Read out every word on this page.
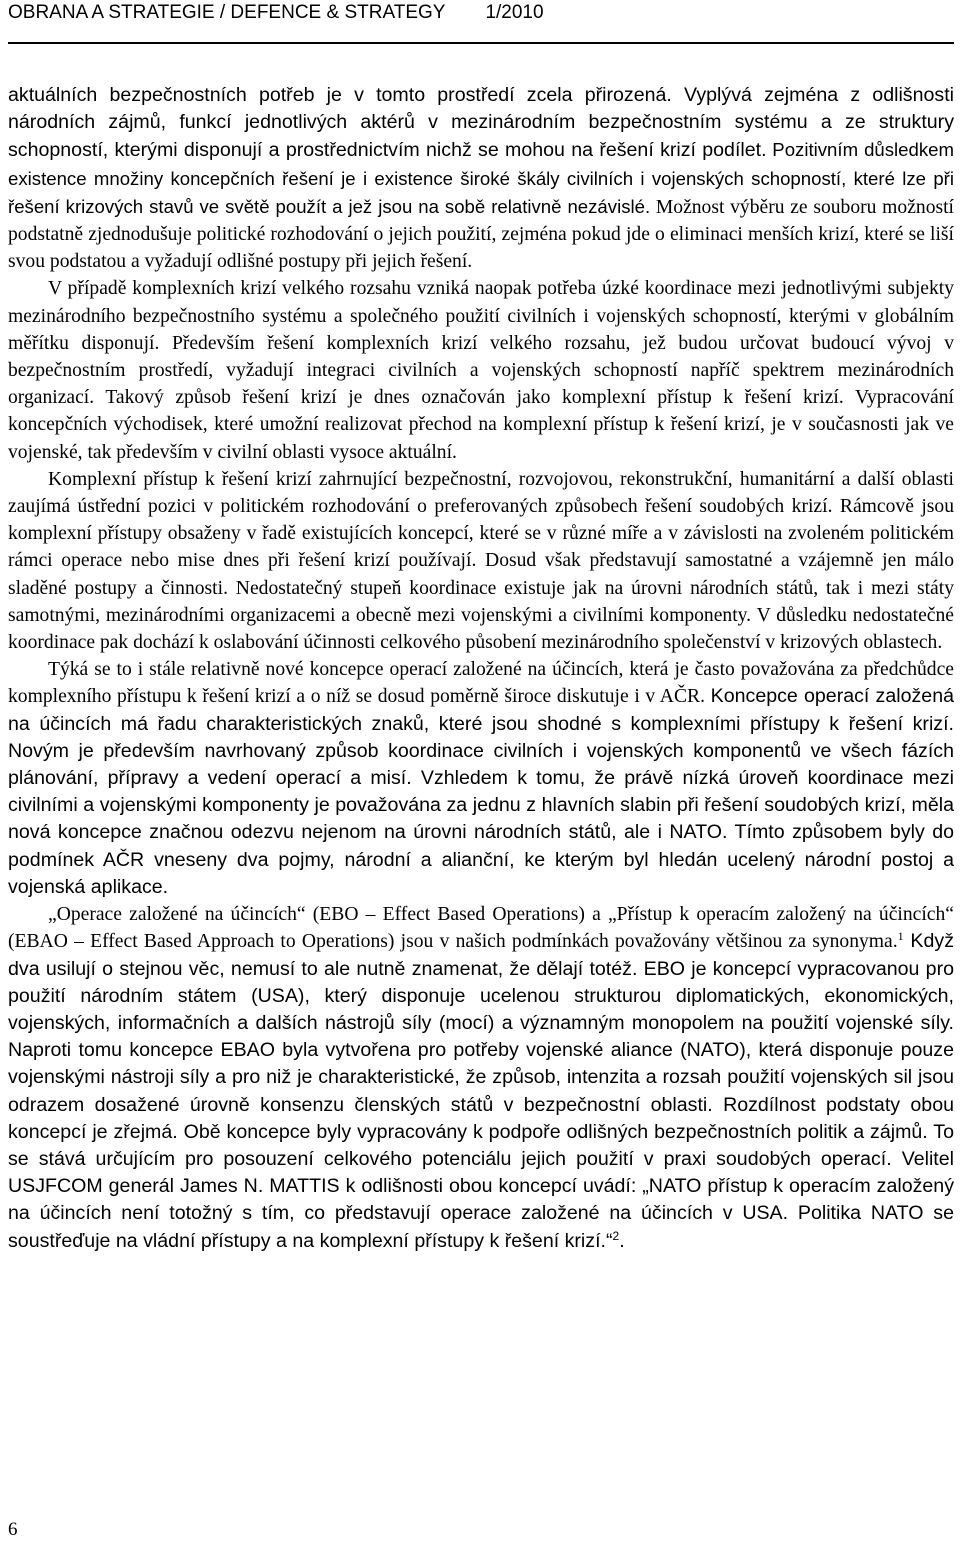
OBRANA A STRATEGIE / DEFENCE & STRATEGY 1/2010

aktuálních bezpečnostních potřeb je v tomto prostředí zcela přirozená. Vyplývá zejména z odlišnosti národních zájmů, funkcí jednotlivých aktérů v mezinárodním bezpečnostním systému a ze struktury schopností, kterými disponují a prostřednictvím nichž se mohou na řešení krizí podílet. Pozitivním důsledkem existence množiny koncepčních řešení je i existence široké škály civilních i vojenských schopností, které lze při řešení krizových stavů ve světě použít a jež jsou na sobě relativně nezávislé. Možnost výběru ze souboru možností podstatně zjednodušuje politické rozhodování o jejich použití, zejména pokud jde o eliminaci menších krizí, které se liší svou podstatou a vyžadují odlišné postupy při jejich řešení.

V případě komplexních krizí velkého rozsahu vzniká naopak potřeba úzké koordinace mezi jednotlivými subjekty mezinárodního bezpečnostního systému a společného použití civilních i vojenských schopností, kterými v globálním měřítku disponují. Především řešení komplexních krizí velkého rozsahu, jež budou určovat budoucí vývoj v bezpečnostním prostředí, vyžadují integraci civilních a vojenských schopností napříč spektrem mezinárodních organizací. Takový způsob řešení krizí je dnes označován jako komplexní přístup k řešení krizí. Vypracování koncepčních východisek, které umožní realizovat přechod na komplexní přístup k řešení krizí, je v současnosti jak ve vojenské, tak především v civilní oblasti vysoce aktuální.

Komplexní přístup k řešení krizí zahrnující bezpečnostní, rozvojovou, rekonstrukční, humanitární a další oblasti zaujímá ústřední pozici v politickém rozhodování o preferovaných způsobech řešení soudobých krizí. Rámcově jsou komplexní přístupy obsaženy v řadě existujících koncepcí, které se v různé míře a v závislosti na zvoleném politickém rámci operace nebo mise dnes při řešení krizí používají. Dosud však představují samostatné a vzájemně jen málo sladěné postupy a činnosti. Nedostatečný stupeň koordinace existuje jak na úrovni národních států, tak i mezi státy samotnými, mezinárodními organizacemi a obecně mezi vojenskými a civilními komponenty. V důsledku nedostatečné koordinace pak dochází k oslabování účinnosti celkového působení mezinárodního společenství v krizových oblastech.

Týká se to i stále relativně nové koncepce operací založené na účincích, která je často považována za předchůdce komplexního přístupu k řešení krizí a o níž se dosud poměrně široce diskutuje i v AČR. Koncepce operací založená na účincích má řadu charakteristických znaků, které jsou shodné s komplexními přístupy k řešení krizí. Novým je především navrhovaný způsob koordinace civilních i vojenských komponentů ve všech fázích plánování, přípravy a vedení operací a misí. Vzhledem k tomu, že právě nízká úroveň koordinace mezi civilními a vojenskými komponenty je považována za jednu z hlavních slabin při řešení soudobých krizí, měla nová koncepce značnou odezvu nejenom na úrovni národních států, ale i NATO. Tímto způsobem byly do podmínek AČR vneseny dva pojmy, národní a alianční, ke kterým byl hledán ucelený národní postoj a vojenská aplikace.

„Operace založené na účincích“ (EBO – Effect Based Operations) a „Přístup k operacím založený na účincích“ (EBAO – Effect Based Approach to Operations) jsou v našich podmínkách považovány většinou za synonyma.$^1$ Když dva usilují o stejnou věc, nemusí to ale nutně znamenat, že dělají totéž. EBO je koncepcí vypracovanou pro použití národním státem (USA), který disponuje ucelenou strukturou diplomatických, ekonomických, vojenských, informačních a dalších nástrojů síly (mocí) a významným monopolem na použití vojenské síly. Naproti tomu koncepce EBAO byla vytvořena pro potřeby vojenské aliance (NATO), která disponuje pouze vojenskými nástroji síly a pro niž je charakteristické, že způsob, intenzita a rozsah použití vojenských sil jsou odrazem dosažené úrovně konsenzu členských států v bezpečnostní oblasti. Rozdílnost podstaty obou koncepcí je zřejmá. Obě koncepce byly vypracovány k podpoře odlišných bezpečnostních politik a zájmů. To se stává určujícím pro posouzení celkového potenciálu jejich použití v praxi soudobých operací. Velitel USJFCOM generál James N. MATTIS k odlišnosti obou koncepcí uvádí: „NATO přístup k operacím založený na účincích není totožný s tím, co představují operace založené na účincích v USA. Politika NATO se soustřeďuje na vládní přístupy a na komplexní přístupy k řešení krizí.“$^2$.

6
